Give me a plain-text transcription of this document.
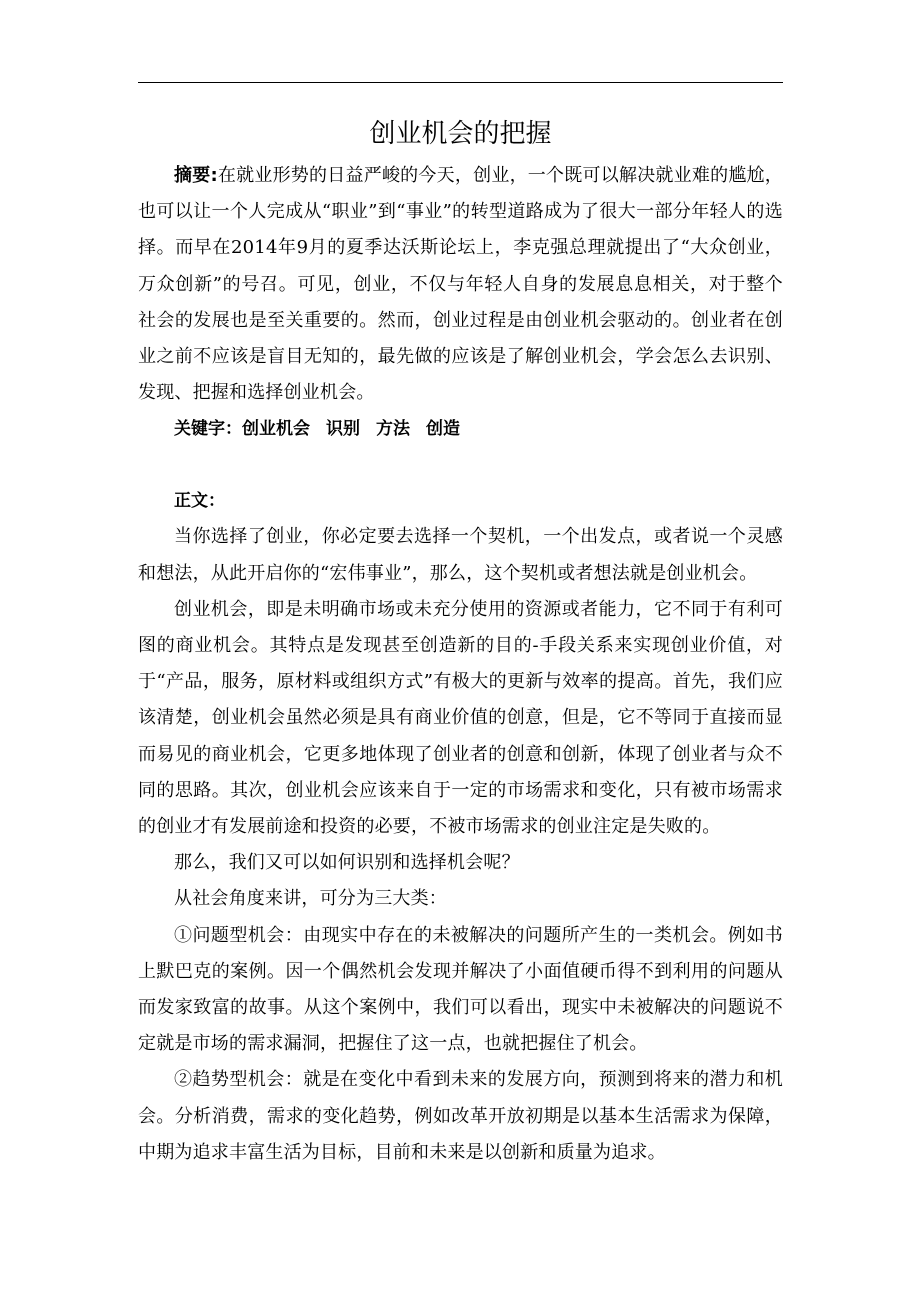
创业机会的把握

摘要:在就业形势的日益严峻的今天，创业，一个既可以解决就业难的尴尬，也可以让一个人完成从“职业”到“事业”的转型道路成为了很大一部分年轻人的选择。而早在2014年9月的夏季达沃斯论坛上，李克强总理就提出了“大众创业，万众创新”的号召。可见，创业，不仅与年轻人自身的发展息息相关，对于整个社会的发展也是至关重要的。然而，创业过程是由创业机会驱动的。创业者在创业之前不应该是盲目无知的，最先做的应该是了解创业机会，学会怎么去识别、发现、把握和选择创业机会。

关键字：创业机会 识别 方法 创造

正文：

当你选择了创业，你必定要去选择一个契机，一个出发点，或者说一个灵感和想法，从此开启你的“宏伟事业”，那么，这个契机或者想法就是创业机会。

创业机会，即是未明确市场或未充分使用的资源或者能力，它不同于有利可图的商业机会。其特点是发现甚至创造新的目的-手段关系来实现创业价值，对于“产品，服务，原材料或组织方式”有极大的更新与效率的提高。首先，我们应该清楚，创业机会虽然必须是具有商业价值的创意，但是，它不等同于直接而显而易见的商业机会，它更多地体现了创业者的创意和创新，体现了创业者与众不同的思路。其次，创业机会应该来自于一定的市场需求和变化，只有被市场需求的创业才有发展前途和投资的必要，不被市场需求的创业注定是失败的。

那么，我们又可以如何识别和选择机会呢？

从社会角度来讲，可分为三大类：

①问题型机会：由现实中存在的未被解决的问题所产生的一类机会。例如书上默巴克的案例。因一个偶然机会发现并解决了小面值硬币得不到利用的问题从而发家致富的故事。从这个案例中，我们可以看出，现实中未被解决的问题说不定就是市场的需求漏洞，把握住了这一点，也就把握住了机会。

②趋势型机会：就是在变化中看到未来的发展方向，预测到将来的潜力和机会。分析消费，需求的变化趋势，例如改革开放初期是以基本生活需求为保障，中期为追求丰富生活为目标，目前和未来是以创新和质量为追求。
